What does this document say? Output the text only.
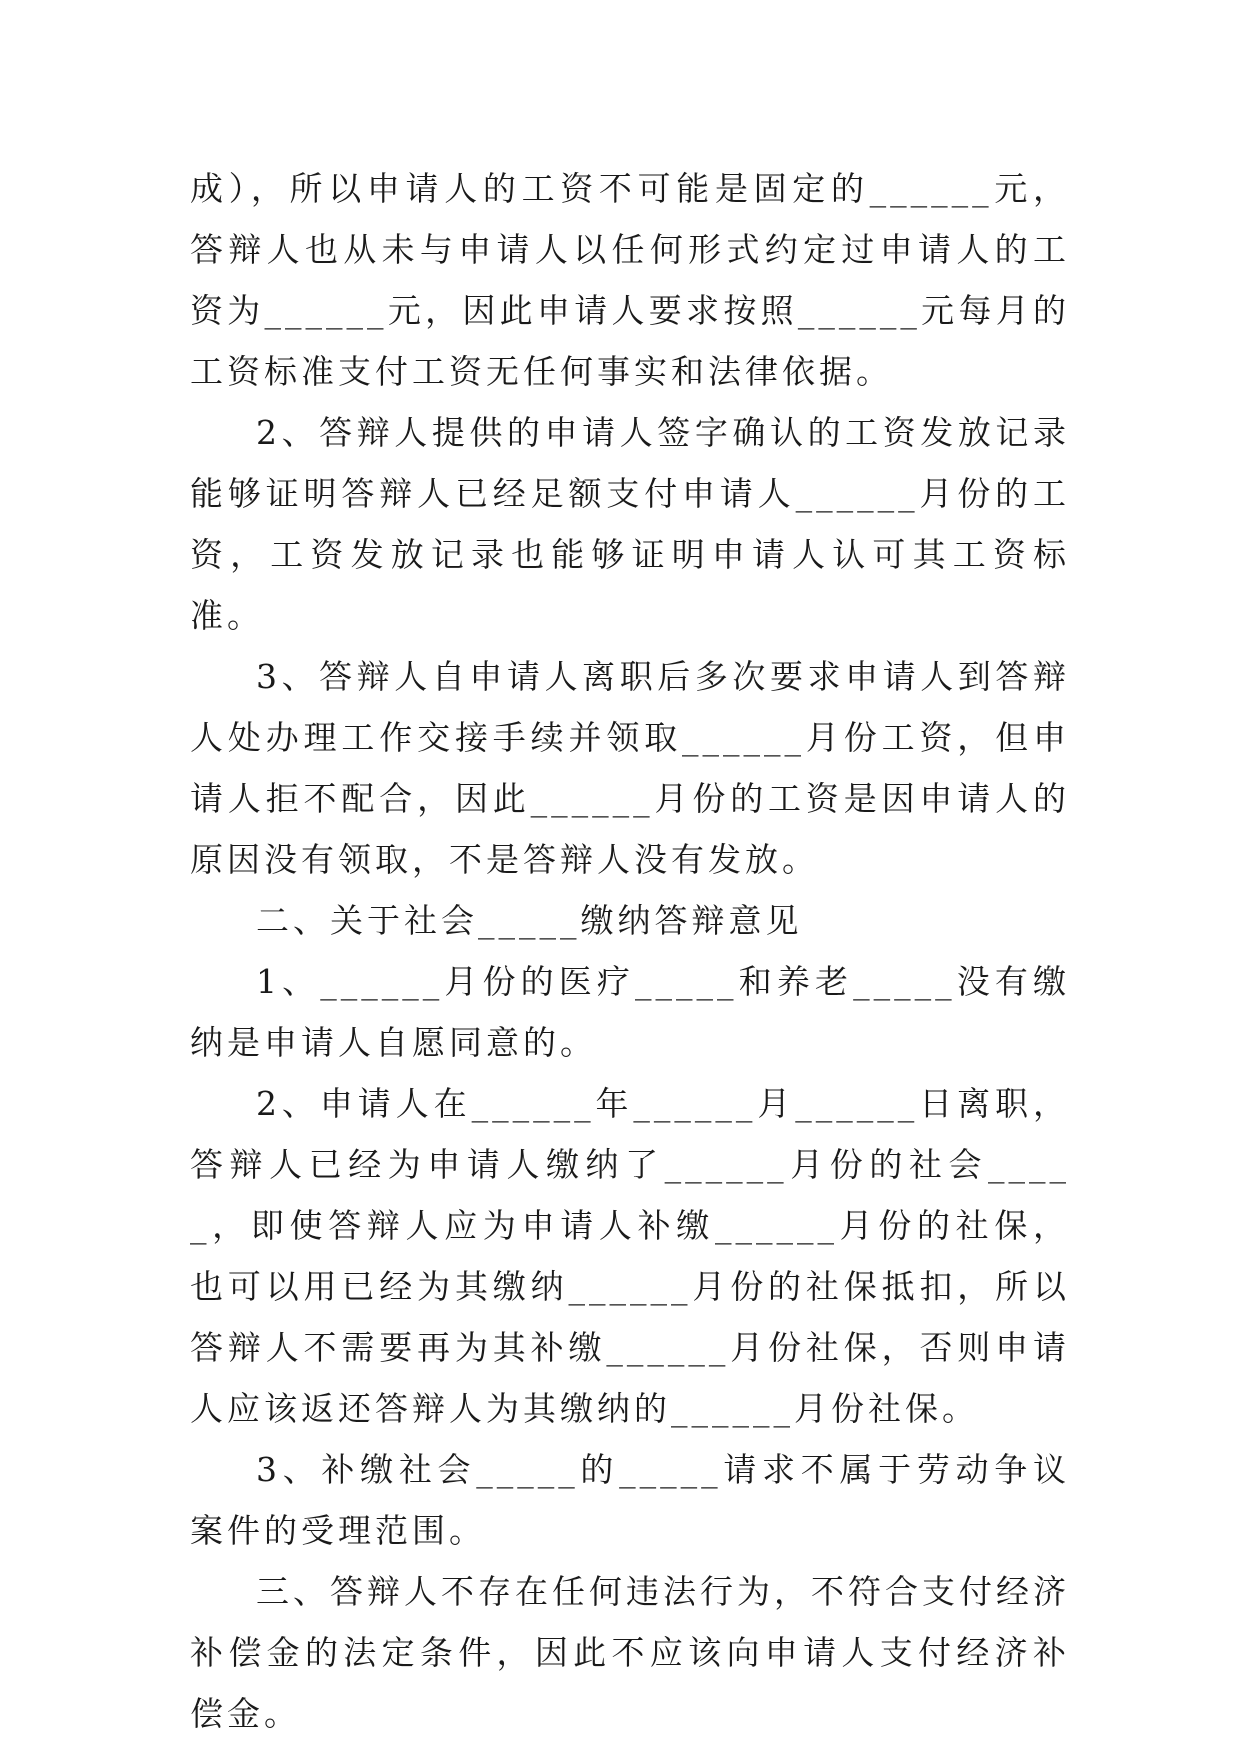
成），所以申请人的工资不可能是固定的______元，答辩人也从未与申请人以任何形式约定过申请人的工资为______元，因此申请人要求按照______元每月的工资标准支付工资无任何事实和法律依据。

2、答辩人提供的申请人签字确认的工资发放记录能够证明答辩人已经足额支付申请人______月份的工资，工资发放记录也能够证明申请人认可其工资标准。

3、答辩人自申请人离职后多次要求申请人到答辩人处办理工作交接手续并领取______月份工资，但申请人拒不配合，因此______月份的工资是因申请人的原因没有领取，不是答辩人没有发放。

二、关于社会_____缴纳答辩意见

1、______月份的医疗_____和养老_____没有缴纳是申请人自愿同意的。

2、申请人在______年______月______日离职，答辩人已经为申请人缴纳了______月份的社会_____，即使答辩人应为申请人补缴______月份的社保，也可以用已经为其缴纳______月份的社保抵扣，所以答辩人不需要再为其补缴______月份社保，否则申请人应该返还答辩人为其缴纳的______月份社保。

3、补缴社会_____的_____请求不属于劳动争议案件的受理范围。

三、答辩人不存在任何违法行为，不符合支付经济补偿金的法定条件，因此不应该向申请人支付经济补偿金。
